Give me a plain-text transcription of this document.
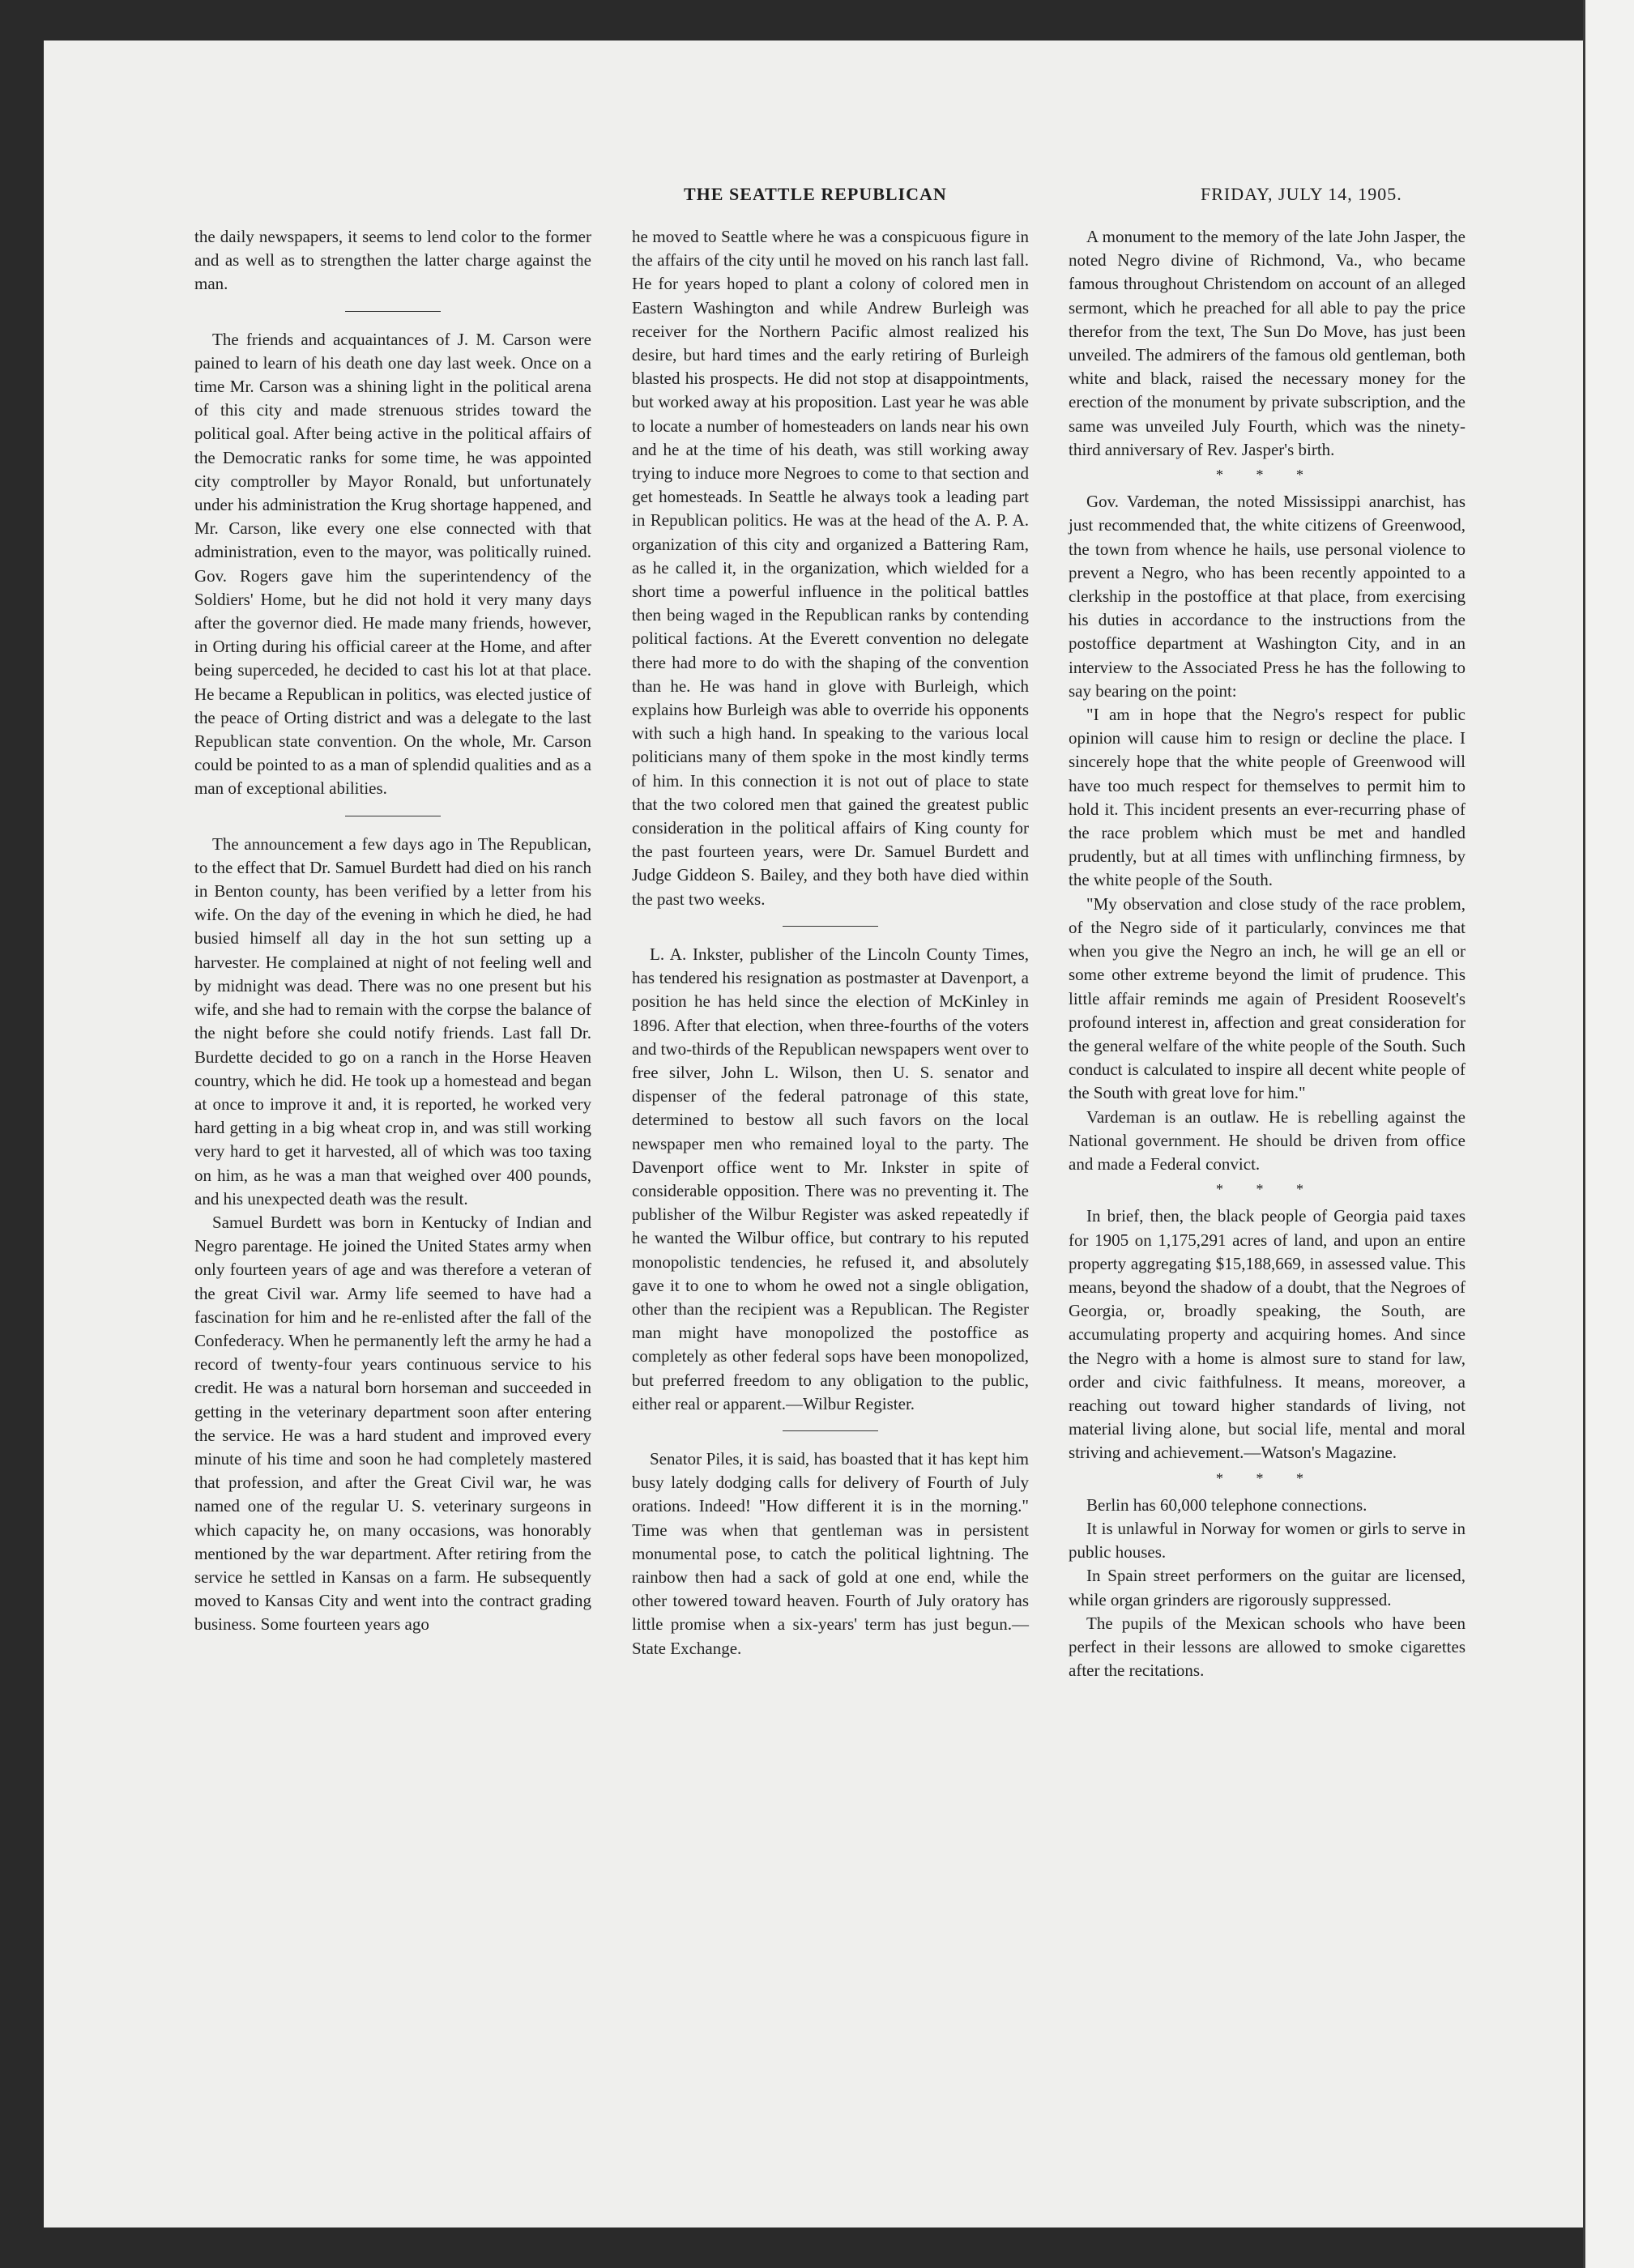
THE SEATTLE REPUBLICAN	FRIDAY, JULY 14, 1905.

the daily newspapers, it seems to lend color to the former and as well as to strengthen the latter charge against the man.

The friends and acquaintances of J. M. Carson were pained to learn of his death one day last week. Once on a time Mr. Carson was a shining light in the political arena of this city and made strenuous strides toward the political goal. After being active in the political affairs of the Democratic ranks for some time, he was appointed city comptroller by Mayor Ronald, but unfortunately under his administration the Krug shortage happened, and Mr. Carson, like every one else connected with that administration, even to the mayor, was politically ruined. Gov. Rogers gave him the superintendency of the Soldiers' Home, but he did not hold it very many days after the governor died. He made many friends, however, in Orting during his official career at the Home, and after being superceded, he decided to cast his lot at that place. He became a Republican in politics, was elected justice of the peace of Orting district and was a delegate to the last Republican state convention. On the whole, Mr. Carson could be pointed to as a man of splendid qualities and as a man of exceptional abilities.

The announcement a few days ago in The Republican, to the effect that Dr. Samuel Burdett had died on his ranch in Benton county, has been verified by a letter from his wife. On the day of the evening in which he died, he had busied himself all day in the hot sun setting up a harvester. He complained at night of not feeling well and by midnight was dead. There was no one present but his wife, and she had to remain with the corpse the balance of the night before she could notify friends. Last fall Dr. Burdette decided to go on a ranch in the Horse Heaven country, which he did. He took up a homestead and began at once to improve it and, it is reported, he worked very hard getting in a big wheat crop in, and was still working very hard to get it harvested, all of which was too taxing on him, as he was a man that weighed over 400 pounds, and his unexpected death was the result.

Samuel Burdett was born in Kentucky of Indian and Negro parentage. He joined the United States army when only fourteen years of age and was therefore a veteran of the great Civil war. Army life seemed to have had a fascination for him and he re-enlisted after the fall of the Confederacy. When he permanently left the army he had a record of twenty-four years continuous service to his credit. He was a natural born horseman and succeeded in getting in the veterinary department soon after entering the service. He was a hard student and improved every minute of his time and soon he had completely mastered that profession, and after the Great Civil war, he was named one of the regular U. S. veterinary surgeons in which capacity he, on many occasions, was honorably mentioned by the war department. After retiring from the service he settled in Kansas on a farm. He subsequently moved to Kansas City and went into the contract grading business. Some fourteen years ago

he moved to Seattle where he was a conspicuous figure in the affairs of the city until he moved on his ranch last fall. He for years hoped to plant a colony of colored men in Eastern Washington and while Andrew Burleigh was receiver for the Northern Pacific almost realized his desire, but hard times and the early retiring of Burleigh blasted his prospects. He did not stop at disappointments, but worked away at his proposition. Last year he was able to locate a number of homesteaders on lands near his own and he at the time of his death, was still working away trying to induce more Negroes to come to that section and get homesteads. In Seattle he always took a leading part in Republican politics. He was at the head of the A. P. A. organization of this city and organized a Battering Ram, as he called it, in the organization, which wielded for a short time a powerful influence in the political battles then being waged in the Republican ranks by contending political factions. At the Everett convention no delegate there had more to do with the shaping of the convention than he. He was hand in glove with Burleigh, which explains how Burleigh was able to override his opponents with such a high hand. In speaking to the various local politicians many of them spoke in the most kindly terms of him. In this connection it is not out of place to state that the two colored men that gained the greatest public consideration in the political affairs of King county for the past fourteen years, were Dr. Samuel Burdett and Judge Giddeon S. Bailey, and they both have died within the past two weeks.

L. A. Inkster, publisher of the Lincoln County Times, has tendered his resignation as postmaster at Davenport, a position he has held since the election of McKinley in 1896. After that election, when three-fourths of the voters and two-thirds of the Republican newspapers went over to free silver, John L. Wilson, then U. S. senator and dispenser of the federal patronage of this state, determined to bestow all such favors on the local newspaper men who remained loyal to the party. The Davenport office went to Mr. Inkster in spite of considerable opposition. There was no preventing it. The publisher of the Wilbur Register was asked repeatedly if he wanted the Wilbur office, but contrary to his reputed monopolistic tendencies, he refused it, and absolutely gave it to one to whom he owed not a single obligation, other than the recipient was a Republican. The Register man might have monopolized the postoffice as completely as other federal sops have been monopolized, but preferred freedom to any obligation to the public, either real or apparent.—Wilbur Register.

Senator Piles, it is said, has boasted that it has kept him busy lately dodging calls for delivery of Fourth of July orations. Indeed! "How different it is in the morning." Time was when that gentleman was in persistent monumental pose, to catch the political lightning. The rainbow then had a sack of gold at one end, while the other towered toward heaven. Fourth of July oratory has little promise when a six-years' term has just begun.—State Exchange.

A monument to the memory of the late John Jasper, the noted Negro divine of Richmond, Va., who became famous throughout Christendom on account of an alleged sermont, which he preached for all able to pay the price therefor from the text, The Sun Do Move, has just been unveiled. The admirers of the famous old gentleman, both white and black, raised the necessary money for the erection of the monument by private subscription, and the same was unveiled July Fourth, which was the ninety-third anniversary of Rev. Jasper's birth.

* * *

Gov. Vardeman, the noted Mississippi anarchist, has just recommended that, the white citizens of Greenwood, the town from whence he hails, use personal violence to prevent a Negro, who has been recently appointed to a clerkship in the postoffice at that place, from exercising his duties in accordance to the instructions from the postoffice department at Washington City, and in an interview to the Associated Press he has the following to say bearing on the point:

"I am in hope that the Negro's respect for public opinion will cause him to resign or decline the place. I sincerely hope that the white people of Greenwood will have too much respect for themselves to permit him to hold it. This incident presents an ever-recurring phase of the race problem which must be met and handled prudently, but at all times with unflinching firmness, by the white people of the South.

"My observation and close study of the race problem, of the Negro side of it particularly, convinces me that when you give the Negro an inch, he will ge an ell or some other extreme beyond the limit of prudence. This little affair reminds me again of President Roosevelt's profound interest in, affection and great consideration for the general welfare of the white people of the South. Such conduct is calculated to inspire all decent white people of the South with great love for him."

Vardeman is an outlaw. He is rebelling against the National government. He should be driven from office and made a Federal convict.

* * *

In brief, then, the black people of Georgia paid taxes for 1905 on 1,175,291 acres of land, and upon an entire property aggregating $15,188,669, in assessed value. This means, beyond the shadow of a doubt, that the Negroes of Georgia, or, broadly speaking, the South, are accumulating property and acquiring homes. And since the Negro with a home is almost sure to stand for law, order and civic faithfulness. It means, moreover, a reaching out toward higher standards of living, not material living alone, but social life, mental and moral striving and achievement.—Watson's Magazine.

* * *

Berlin has 60,000 telephone connections.

It is unlawful in Norway for women or girls to serve in public houses.

In Spain street performers on the guitar are licensed, while organ grinders are rigorously suppressed.

The pupils of the Mexican schools who have been perfect in their lessons are allowed to smoke cigarettes after the recitations.
